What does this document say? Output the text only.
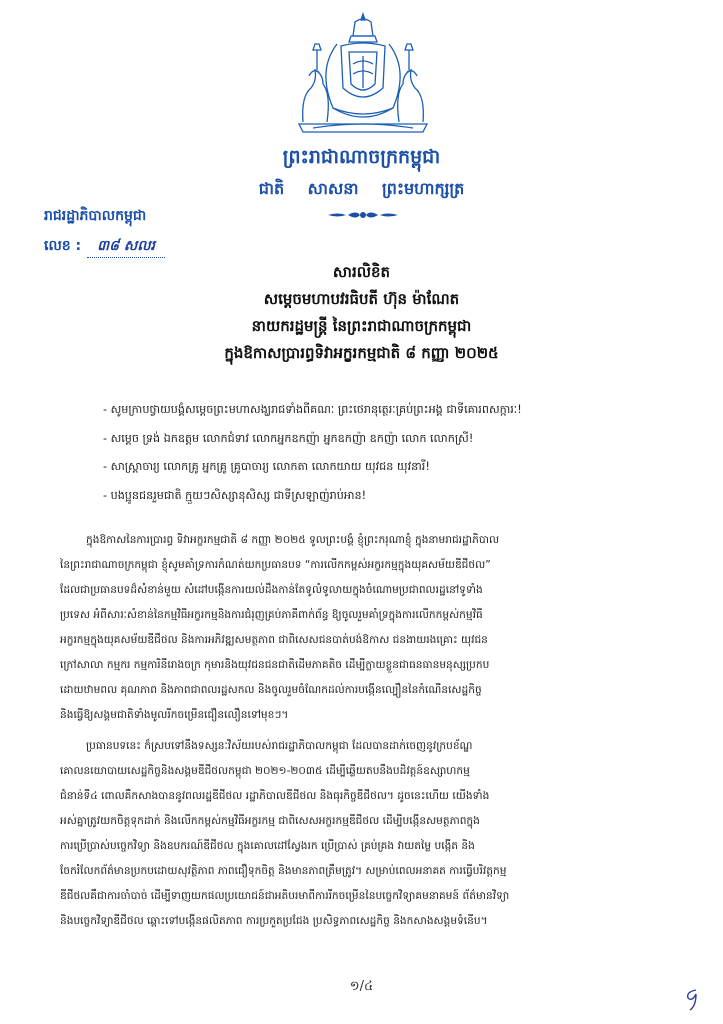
ព្រះរាជាណាចក្រកម្ពុជា
ជាតិ សាសនា ព្រះមហាក្សត្រ
រាជរដ្ឋាភិបាលកម្ពុជា
លេខ : ៣៨ សលរ
សារលិខិត
សម្តេចមហាបវរធិបតី ហ៊ុន ម៉ាណែត
នាយករដ្ឋមន្ត្រី នៃព្រះរាជាណាចក្រកម្ពុជា
ក្នុងឱកាសប្រារព្ធទិវាអក្ខរកម្មជាតិ ៨ កញ្ញា ២០២៥
- សូមក្រាបថ្វាយបង្គំសម្តេចព្រះមហាសង្ឃរាជទាំងពីគណៈ ព្រះថេរានុត្ថេរៈគ្រប់ព្រះអង្គ ជាទីគោរពសក្ការៈ!
- សម្តេច ទ្រង់ ឯកឧត្តម លោកជំទាវ លោកអ្នកឧកញ៉ា អ្នកឧកញ៉ា ឧកញ៉ា លោក លោកស្រី!
- សាស្ត្រាចារ្យ លោកគ្រូ អ្នកគ្រូ គ្រូបាចារ្យ លោកតា លោកយាយ យុវជន យុវនារី!
- បងប្អូនជនរួមជាតិ ក្មួយៗសិស្សានុសិស្ស ជាទីស្រឡាញ់រាប់អាន!
ក្នុងឱកាសនៃការប្រារព្ធ ទិវាអក្ខរកម្មជាតិ ៨ កញ្ញា ២០២៥ ទូលព្រះបង្គំ ខ្ញុំព្រះករុណាខ្ញុំ ក្នុងនាមរាជរដ្ឋាភិបាល
នៃព្រះរាជាណាចក្រកម្ពុជា ខ្ញុំសូមគាំទ្រការកំណត់យកប្រធានបទ “ការលើកកម្ពស់អក្ខរកម្មក្នុងយុគសម័យឌីជីថល”
ដែលជាប្រធានបទដ៏សំខាន់មួយ សំដៅបង្កើនការយល់ដឹងកាន់តែទូលំទូលាយក្នុងចំណោមប្រជាពលរដ្ឋនៅទូទាំង
ប្រទេស អំពីសារៈសំខាន់នៃកម្មវិធីអក្ខរកម្មនិងការជំរុញគ្រប់ភាគីពាក់ព័ន្ធ ឱ្យចូលរួមគាំទ្រក្នុងការលើកកម្ពស់កម្មវិធី
អក្ខរកម្មក្នុងយុគសម័យឌីជីថល និងការអភិវឌ្ឍសមត្ថភាព ជាពិសេសជនបាត់បង់ឱកាស ជនងាយរងគ្រោះ យុវជន
ក្រៅសាលា កម្មករ កម្មការិនីរោងចក្រ កុមារនិងយុវជនជនជាតិដើមភាគតិច ដើម្បីក្លាយខ្លួនជាធនធានមនុស្សប្រកប
ដោយឋាមពល គុណភាព និងភាពជាពលរដ្ឋសកល និងចូលរួមចំណែកដល់ការបង្កើនល្បឿននៃកំណើនសេដ្ឋកិច្ច
និងធ្វើឱ្យសង្គមជាតិទាំងមូលរីកចម្រើនជឿនលឿនទៅមុខៗ។
ប្រធានបទនេះ ក៏ស្របទៅនឹងទស្សនៈវិស័យរបស់រាជរដ្ឋាភិបាលកម្ពុជា ដែលបានដាក់ចេញនូវក្របខ័ណ្ឌ
គោលនយោបាយសេដ្ឋកិច្ចនិងសង្គមឌីជីថលកម្ពុជា ២០២១-២០៣៥ ដើម្បីឆ្លើយតបនឹងបដិវត្តន៍ឧស្សាហកម្ម
ជំនាន់ទី៤ ពោលគឺកសាងបាននូវពលរដ្ឋឌីជីថល រដ្ឋាភិបាលឌីជីថល និងធុរកិច្ចឌីជីថល។ ដូចនេះហើយ យើងទាំង
អស់គ្នាត្រូវយកចិត្តទុកដាក់ និងលើកកម្ពស់កម្មវិធីអក្ខរកម្ម ជាពិសេសអក្ខរកម្មឌីជីថល ដើម្បីបង្កើនសមត្ថភាពក្នុង
ការប្រើប្រាស់បច្ចេកវិទ្យា និងឧបករណ៍ឌីជីថល ក្នុងគោលដៅស្វែងរក ប្រើប្រាស់ គ្រប់គ្រង វាយតម្លៃ បង្កើត និង
ចែករំលែកព័ត៌មានប្រកបដោយសុវត្ថិភាព ភាពជឿទុកចិត្ត និងមានភាពត្រឹមត្រូវ។ សម្រាប់ពេលអនាគត ការធ្វើបរិវត្តកម្ម
ឌីជីថលគឺជាការចាំបាច់ ដើម្បីទាញយកផលប្រយោជន៍ជាអតិបរមាពីការរីកចម្រើននៃបច្ចេកវិទ្យាគមនាគមន៍ ព័ត៌មានវិទ្យា
និងបច្ចេកវិទ្យាឌីជីថល ឆ្ពោះទៅបង្កើនផលិតភាព ការប្រកួតប្រជែង ប្រសិទ្ធភាពសេដ្ឋកិច្ច និងកសាងសង្គមទំនើប។
១/៤
